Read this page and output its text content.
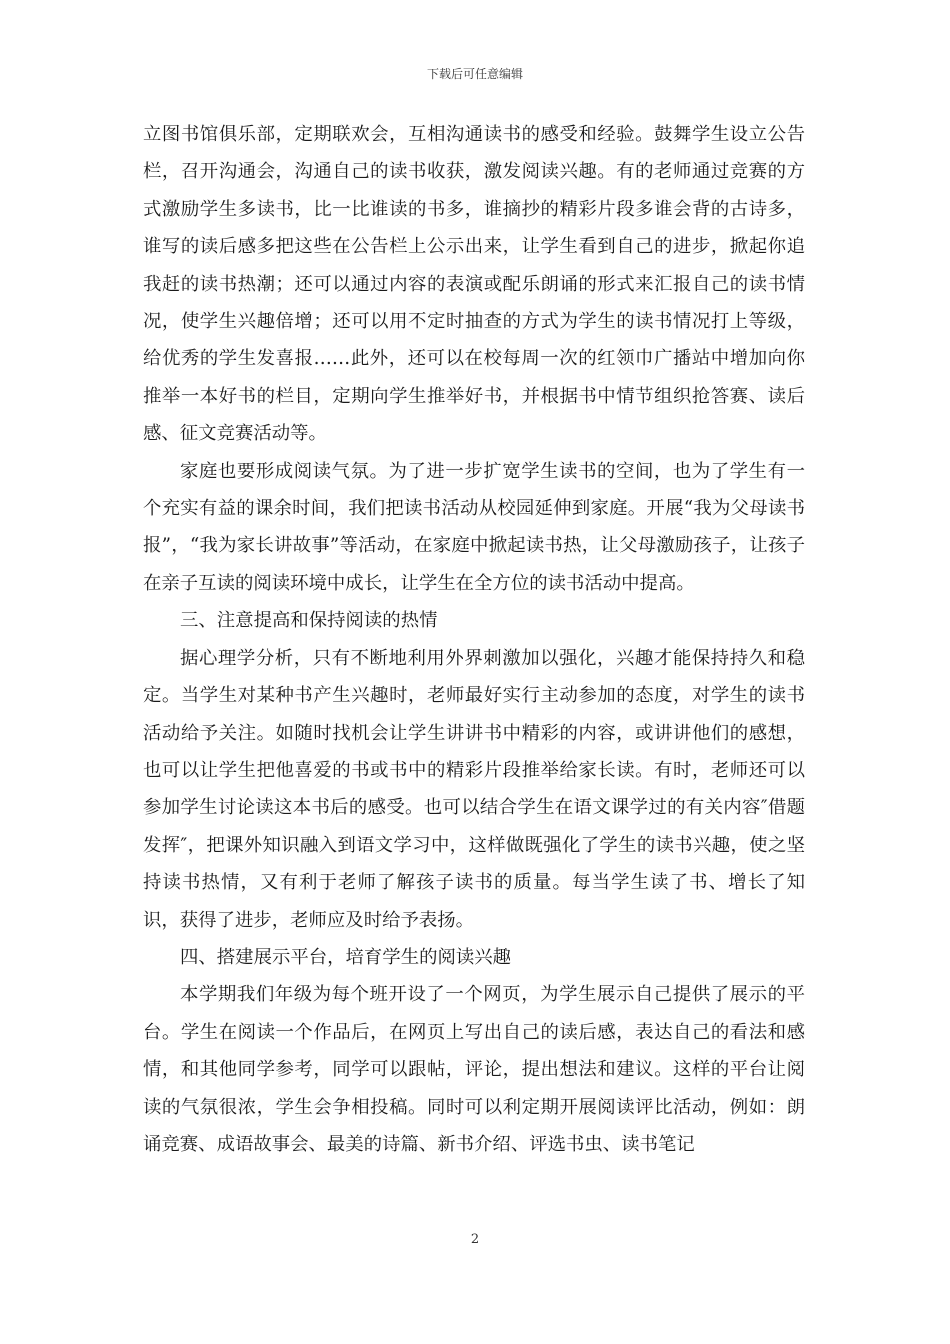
下载后可任意编辑

立图书馆俱乐部，定期联欢会，互相沟通读书的感受和经验。鼓舞学生设立公告栏，召开沟通会，沟通自己的读书收获，激发阅读兴趣。有的老师通过竞赛的方式激励学生多读书，比一比谁读的书多，谁摘抄的精彩片段多谁会背的古诗多，谁写的读后感多把这些在公告栏上公示出来，让学生看到自己的进步，掀起你追我赶的读书热潮；还可以通过内容的表演或配乐朗诵的形式来汇报自己的读书情况，使学生兴趣倍增；还可以用不定时抽查的方式为学生的读书情况打上等级，给优秀的学生发喜报……此外，还可以在校每周一次的红领巾广播站中增加向你推举一本好书的栏目，定期向学生推举好书，并根据书中情节组织抢答赛、读后感、征文竞赛活动等。

家庭也要形成阅读气氛。为了进一步扩宽学生读书的空间，也为了学生有一个充实有益的课余时间，我们把读书活动从校园延伸到家庭。开展“我为父母读书报”，“我为家长讲故事”等活动，在家庭中掀起读书热，让父母激励孩子，让孩子在亲子互读的阅读环境中成长，让学生在全方位的读书活动中提高。

三、注意提高和保持阅读的热情

据心理学分析，只有不断地利用外界刺激加以强化，兴趣才能保持持久和稳定。当学生对某种书产生兴趣时，老师最好实行主动参加的态度，对学生的读书活动给予关注。如随时找机会让学生讲讲书中精彩的内容，或讲讲他们的感想，也可以让学生把他喜爱的书或书中的精彩片段推举给家长读。有时，老师还可以参加学生讨论读这本书后的感受。也可以结合学生在语文课学过的有关内容″借题发挥″，把课外知识融入到语文学习中，这样做既强化了学生的读书兴趣，使之坚持读书热情，又有利于老师了解孩子读书的质量。每当学生读了书、增长了知识，获得了进步，老师应及时给予表扬。

四、搭建展示平台，培育学生的阅读兴趣

本学期我们年级为每个班开设了一个网页，为学生展示自己提供了展示的平台。学生在阅读一个作品后，在网页上写出自己的读后感，表达自己的看法和感情，和其他同学参考，同学可以跟帖，评论，提出想法和建议。这样的平台让阅读的气氛很浓，学生会争相投稿。同时可以利定期开展阅读评比活动，例如：朗诵竞赛、成语故事会、最美的诗篇、新书介绍、评选书虫、读书笔记

2
